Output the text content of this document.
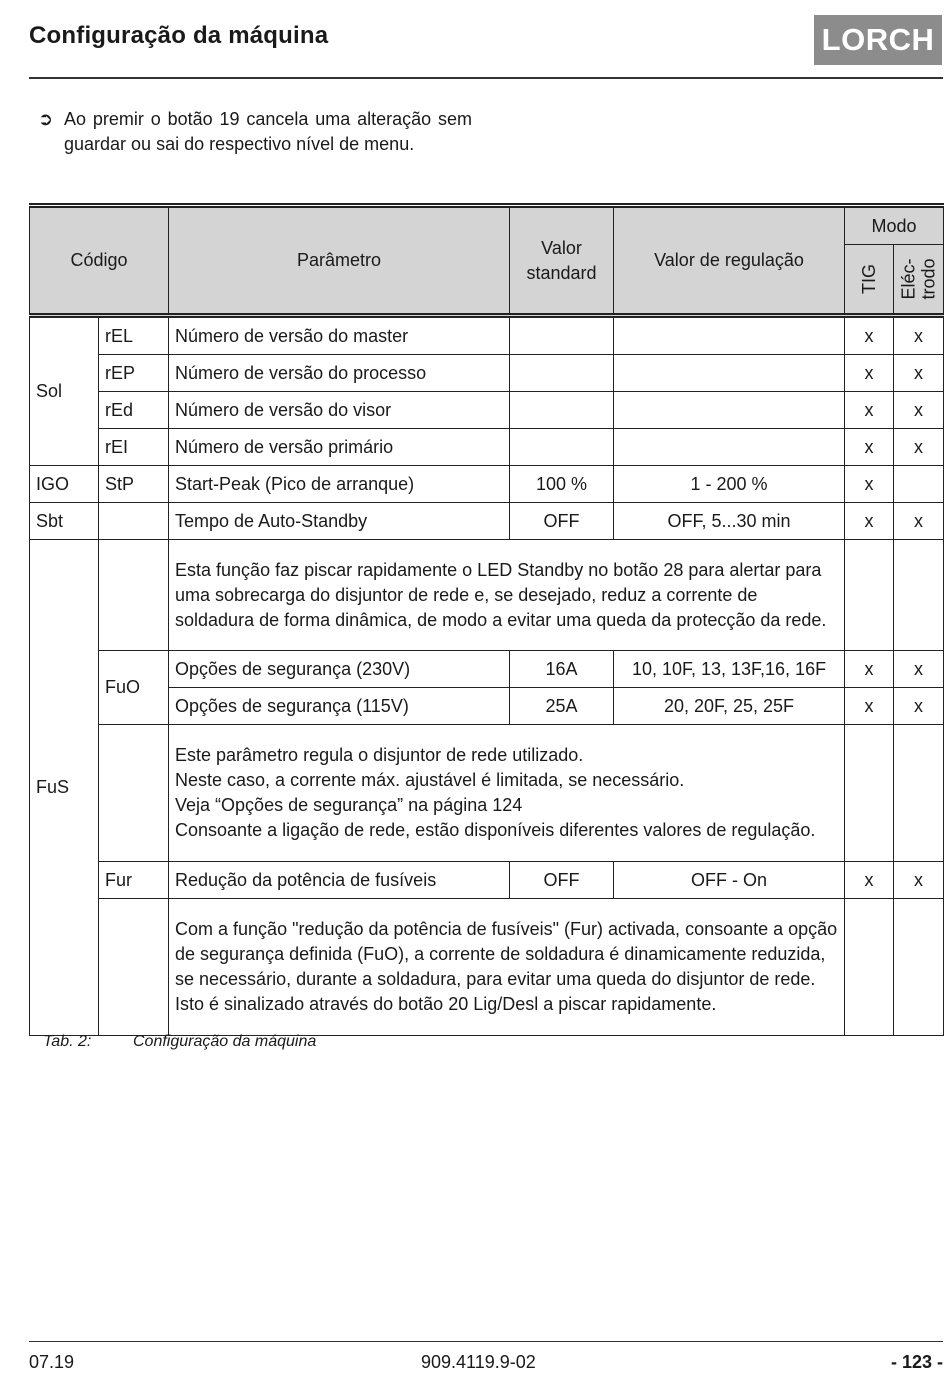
Configuração da máquina	LORCH
➲ Ao premir o botão 19 cancela uma alteração sem guardar ou sai do respectivo nível de menu.
Código		Parâmetro	Valor standard	Valor de regulação	Modo	

					TIG	Eléc-trodo

Sol	rEL	Número de versão do master			x	x
	rEP	Número de versão do processo			x	x
	rEd	Número de versão do visor			x	x
	rEI	Número de versão primário			x	x
IGO	StP	Start-Peak (Pico de arranque)	100 %	1 - 200 %	x	
Sbt		Tempo de Auto-Standby	OFF	OFF, 5...30 min	x	x
FuS		Esta função faz piscar rapidamente o LED Standby no botão 28 para alertar para uma sobrecarga do disjuntor de rede e, se desejado, reduz a corrente de soldadura de forma dinâmica, de modo a evitar uma queda da protecção da rede.				
	FuO	Opções de segurança (230V)	16A	10, 10F, 13, 13F,16, 16F	x	x
		Opções de segurança (115V)	25A	20, 20F, 25, 25F	x	x

		Este parâmetro regula o disjuntor de rede utilizado.
Neste caso, a corrente máx. ajustável é limitada, se necessário.
Veja “Opções de segurança” na página 124
Consoante a ligação de rede, estão disponíveis diferentes valores de regulação.				

	Fur	Redução da potência de fusíveis	OFF	OFF - On	x	x
		Com a função "redução da potência de fusíveis" (Fur) activada, consoante a opção de segurança definida (FuO), a corrente de soldadura é dinamicamente reduzida, se necessário, durante a soldadura, para evitar uma queda do disjuntor de rede. Isto é sinalizado através do botão 20 Lig/Desl a piscar rapidamente.				
Tab. 2:	Configuração da máquina
07.19	909.4119.9-02	- 123 -
